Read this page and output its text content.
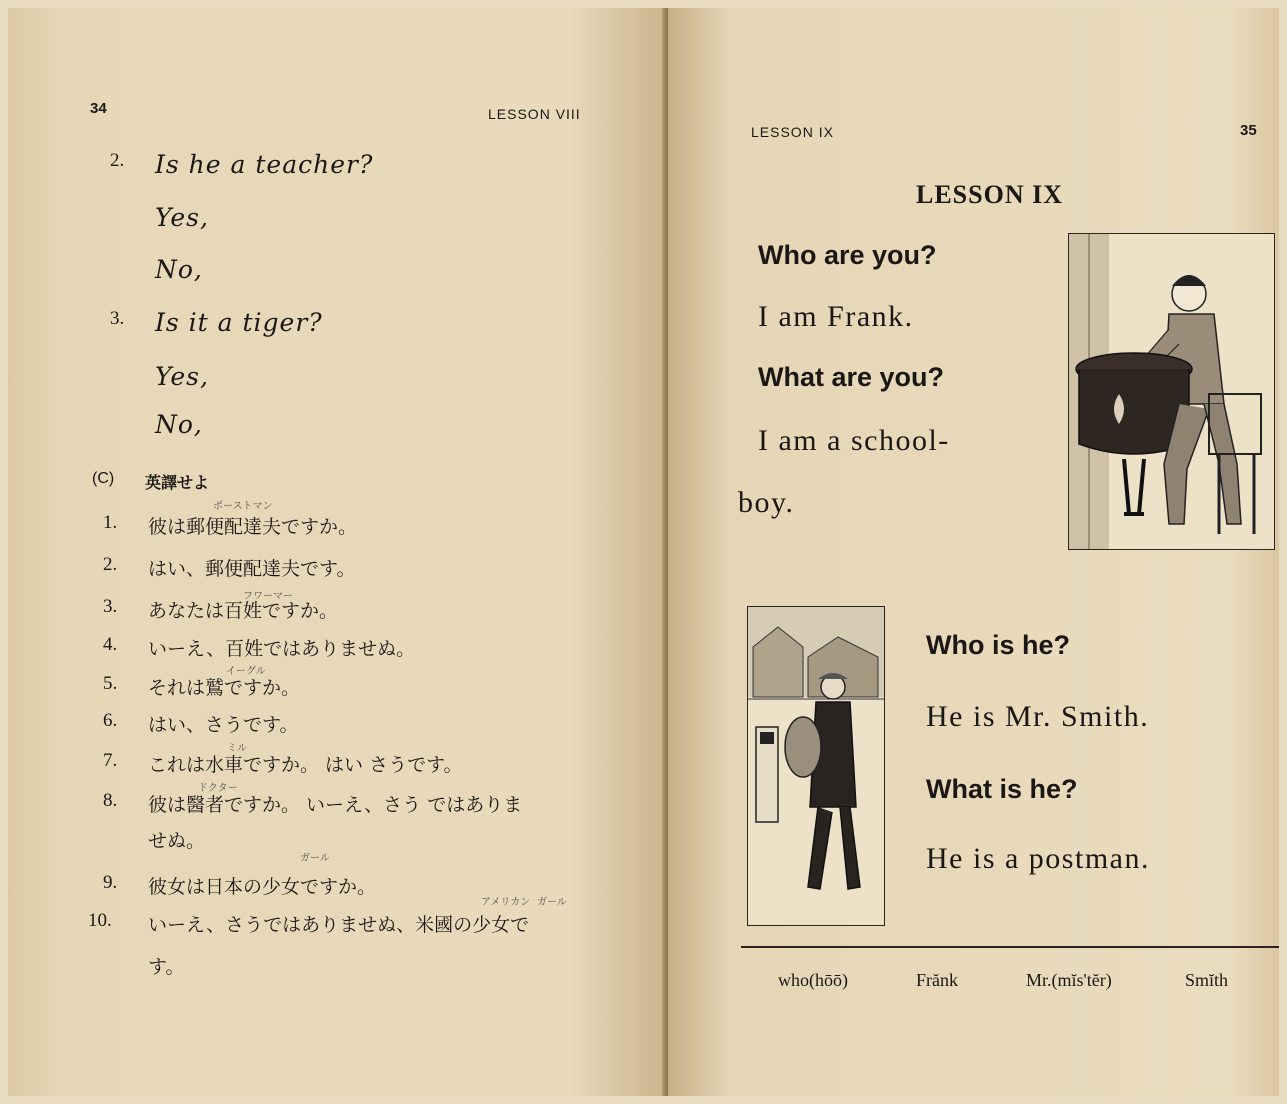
34	LESSON VIII
2. Is he a teacher?
Yes,
No,
3. Is it a tiger?
Yes,
No,
(C) 英譯せよ
ポーストマン
フワーマー
イーグル
ミル
ドクター
ガール
アメリカン ガール
1. 彼は郵便配達夫ですか。
2. はい、郵便配達夫です。
3. あなたは百姓ですか。
4. いーえ、百姓ではありませぬ。
5. それは鷲ですか。
6. はい、さうです。
7. これは水車ですか。 はい さうです。
8. 彼は醫者ですか。 いーえ、さう ではありま
せぬ。
9. 彼女は日本の少女ですか。
10. いーえ、さうではありませぬ、米國の少女で
す。
LESSON IX	35
LESSON IX
Who are you?
I am Frank.
What are you?
I am a school-
boy.
Who is he?
He is Mr. Smith.
What is he?
He is a postman.
who(hōō)	Frănk	Mr.(mĭs'tĕr)	Smĭth
